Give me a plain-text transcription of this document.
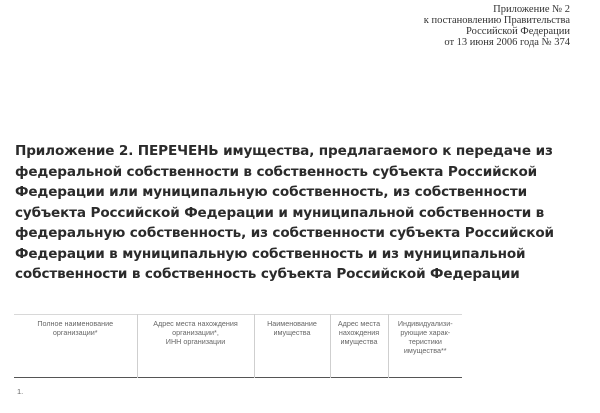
Приложение № 2
к постановлению Правительства
Российской Федерации
от 13 июня 2006 года № 374
Приложение 2. ПЕРЕЧЕНЬ имущества, предлагаемого к передаче из федеральной собственности в собственность субъекта Российской Федерации или муниципальную собственность, из собственности субъекта Российской Федерации и муниципальной собственности в федеральную собственность, из собственности субъекта Российской Федерации в муниципальную собственность и из муниципальной собственности в собственность субъекта Российской Федерации
Полное наименование
организации*

Адрес места нахождения
организации*,
ИНН организации

Наименование
имущества

Адрес места
нахождения
имущества

Индивидуализи-
рующие харак-
теристики
имущества**
1.
